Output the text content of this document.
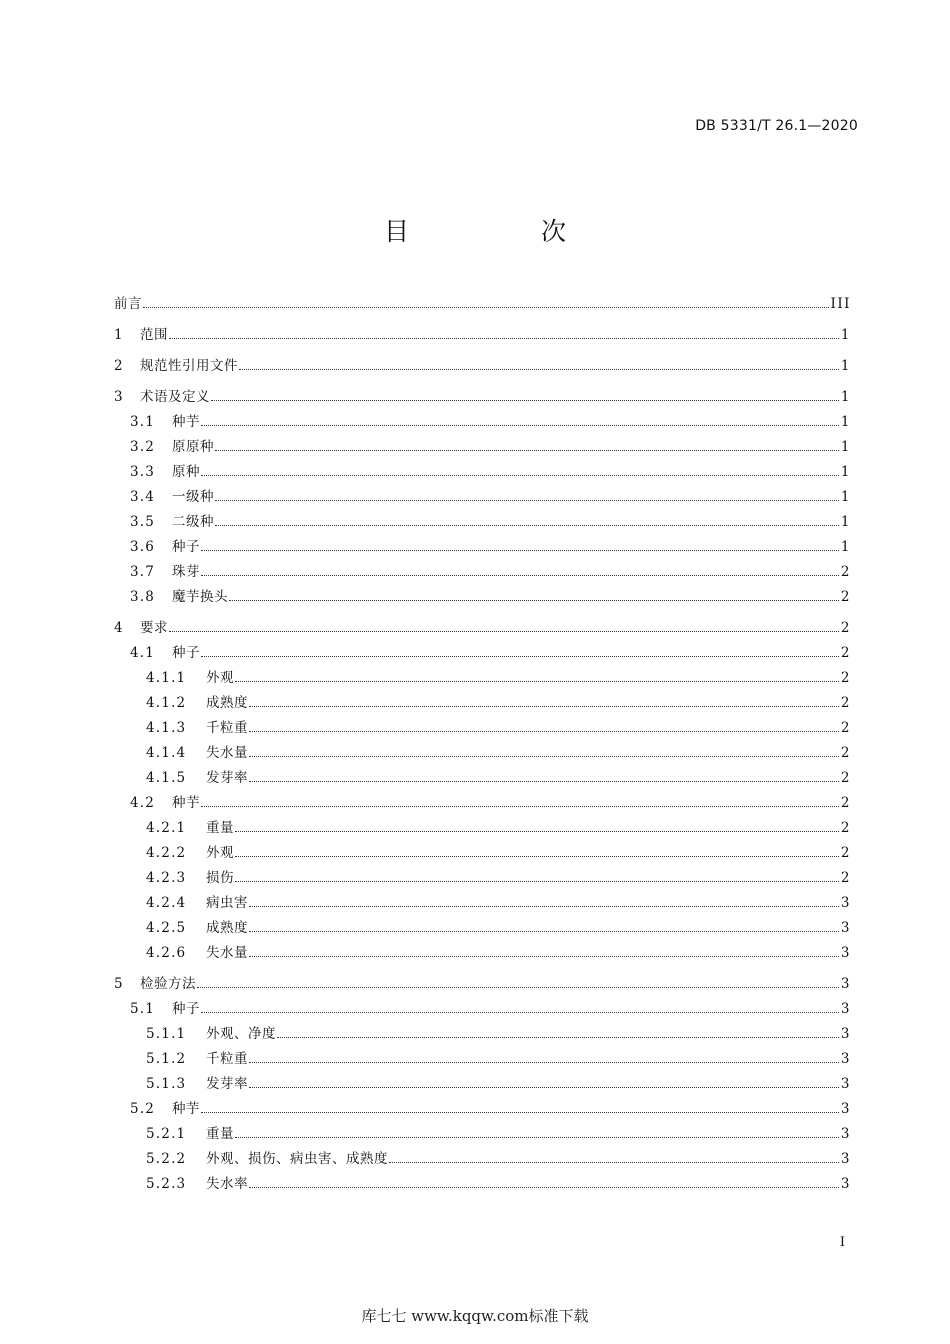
DB 5331/T 26.1—2020
目 次
前言	III
1	范围	1
2	规范性引用文件	1
3	术语及定义	1
3.1	种芋	1
3.2	原原种	1
3.3	原种	1
3.4	一级种	1
3.5	二级种	1
3.6	种子	1
3.7	珠芽	2
3.8	魔芋换头	2
4	要求	2
4.1	种子	2
4.1.1	外观	2
4.1.2	成熟度	2
4.1.3	千粒重	2
4.1.4	失水量	2
4.1.5	发芽率	2
4.2	种芋	2
4.2.1	重量	2
4.2.2	外观	2
4.2.3	损伤	2
4.2.4	病虫害	3
4.2.5	成熟度	3
4.2.6	失水量	3
5	检验方法	3
5.1	种子	3
5.1.1	外观、净度	3
5.1.2	千粒重	3
5.1.3	发芽率	3
5.2	种芋	3
5.2.1	重量	3
5.2.2	外观、损伤、病虫害、成熟度	3
5.2.3	失水率	3
I
库七七 www.kqqw.com标准下载
